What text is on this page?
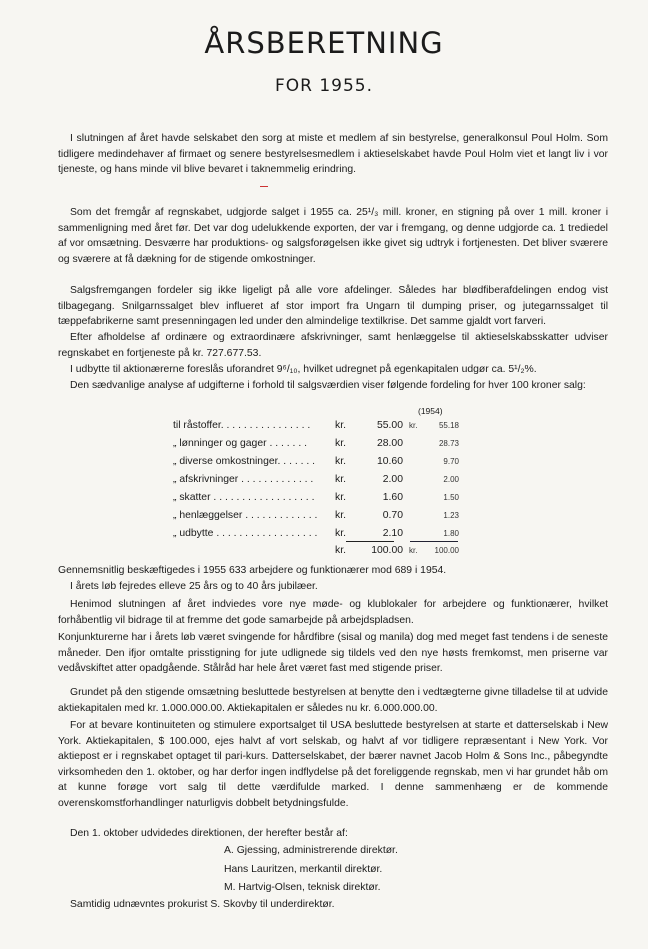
ÅRSBERETNING
FOR 1955.
I slutningen af året havde selskabet den sorg at miste et medlem af sin bestyrelse, generalkonsul Poul Holm. Som tidligere medindehaver af firmaet og senere bestyrelsesmedlem i aktieselskabet havde Poul Holm viet et langt liv i vor tjeneste, og hans minde vil blive bevaret i taknemmelig erindring.
Som det fremgår af regnskabet, udgjorde salget i 1955 ca. 25¹/₃ mill. kroner, en stigning på over 1 mill. kroner i sammenligning med året før. Det var dog udelukkende exporten, der var i fremgang, og denne udgjorde ca. 1 trediedel af vor omsætning. Desværre har produktions- og salgsforøgelsen ikke givet sig udtryk i fortjenesten. Det bliver sværere og sværere at få dækning for de stigende omkostninger.
Salgsfremgangen fordeler sig ikke ligeligt på alle vore afdelinger. Således har blødfiberafdelingen endog vist tilbagegang. Snilgarnssalget blev influeret af stor import fra Ungarn til dumping priser, og jutegarnssalget til tæppefabrikerne samt presenningagen led under den almindelige textilkrise. Det samme gjaldt vort farveri.
Efter afholdelse af ordinære og extraordinære afskrivninger, samt henlæggelse til aktieselskabsskatter udviser regnskabet en fortjeneste på kr. 727.677.53.
I udbytte til aktionærerne foreslås uforandret 9⁶/₁₀, hvilket udregnet på egenkapitalen udgør ca. 5¹/₂%.
Den sædvanlige analyse af udgifterne i forhold til salgsværdien viser følgende fordeling for hver 100 kroner salg:
(1954)
til råstoffer. . . . . . . . . . . . . . . . kr.	55.00 kr.	55.18
„ lønninger og gager . . . . . . .	kr.	28.00	28.73
„ diverse omkostninger. . . . . . . kr.	10.60	9.70
„ afskrivninger . . . . . . . . . . . . . kr.	2.00	2.00
„ skatter . . . . . . . . . . . . . . . . . . kr.	1.60	1.50
„ henlæggelser . . . . . . . . . . . . . kr.	0.70	1.23
„ udbytte . . . . . . . . . . . . . . . . . . kr.	2.10	1.80
kr.	100.00 kr.	100.00
Gennemsnitlig beskæftigedes i 1955 633 arbejdere og funktionærer mod 689 i 1954.
I årets løb fejredes elleve 25 års og to 40 års jubilæer.
Henimod slutningen af året indviedes vore nye møde- og klublokaler for arbejdere og funktionærer, hvilket forhåbentlig vil bidrage til at fremme det gode samarbejde på arbejdspladsen.
Konjunkturerne har i årets løb været svingende for hårdfibre (sisal og manila) dog med meget fast tendens i de seneste måneder. Den ifjor omtalte prisstigning for jute udlignede sig tildels ved den nye høsts fremkomst, men priserne var vedåvskiftet atter opadgående. Stålråd har hele året været fast med stigende priser.
Grundet på den stigende omsætning besluttede bestyrelsen at benytte den i vedtægterne givne tilladelse til at udvide aktiekapitalen med kr. 1.000.000.00. Aktiekapitalen er således nu kr. 6.000.000.00.
For at bevare kontinuiteten og stimulere exportsalget til USA besluttede bestyrelsen at starte et datterselskab i New York. Aktiekapitalen, $ 100.000, ejes halvt af vort selskab, og halvt af vor tidligere repræsentant i New York. Vor aktiepost er i regnskabet optaget til pari-kurs. Datterselskabet, der bærer navnet Jacob Holm & Sons Inc., påbegyndte virksomheden den 1. oktober, og har derfor ingen indflydelse på det foreliggende regnskab, men vi har grundet håb om at kunne forøge vort salg til dette værdifulde marked. I denne sammenhæng er de kommende overenskomstforhandlinger naturligvis dobbelt betydningsfulde.
Den 1. oktober udvidedes direktionen, der herefter består af:
A. Gjessing, administrerende direktør.
Hans Lauritzen, merkantil direktør.
M. Hartvig-Olsen, teknisk direktør.
Samtidig udnævntes prokurist S. Skovby til underdirektør.
